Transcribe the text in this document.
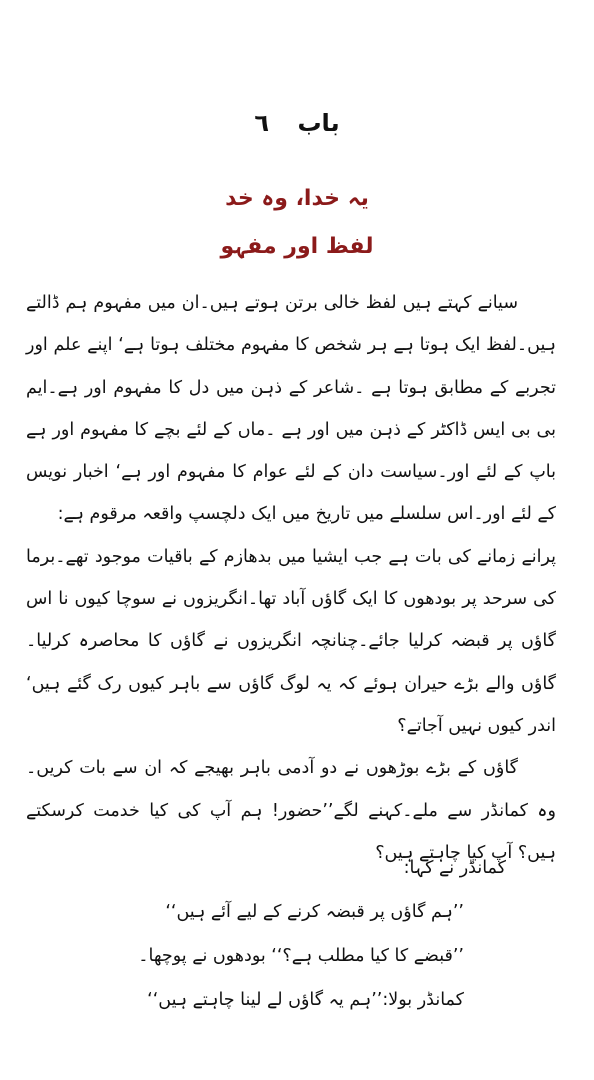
باب ٦
یہ خدا، وہ خد
لفظ اور مفہو

سیانے کہتے ہیں لفظ خالی برتن ہوتے ہیں۔ان میں مفہوم ہم ڈالتے ہیں۔لفظ ایک ہوتا ہے ہر شخص کا مفہوم مختلف ہوتا ہے‘ اپنے علم اور تجربے کے مطابق ہوتا ہے ۔شاعر کے ذہن میں دل کا مفہوم اور ہے۔ایم بی بی ایس ڈاکٹر کے ذہن میں اور ہے ۔ماں کے لئے بچے کا مفہوم اور ہے باپ کے لئے اور۔سیاست دان کے لئے عوام کا مفہوم اور ہے‘ اخبار نویس کے لئے اور۔اس سلسلے میں تاریخ میں ایک دلچسپ واقعہ مرقوم ہے:

پرانے زمانے کی بات ہے جب ایشیا میں بدھازم کے باقیات موجود تھے۔برما کی سرحد پر بودھوں کا ایک گاؤں آباد تھا۔انگریزوں نے سوچا کیوں نا اس گاؤں پر قبضہ کرلیا جائے۔چنانچہ انگریزوں نے گاؤں کا محاصرہ کرلیا۔گاؤں والے بڑے حیران ہوئے کہ یہ لوگ گاؤں سے باہر کیوں رک گئے ہیں‘ اندر کیوں نہیں آجاتے؟

گاؤں کے بڑے بوڑھوں نے دو آدمی باہر بھیجے کہ ان سے بات کریں۔وہ کمانڈر سے ملے۔کہنے لگے’’حضور! ہم آپ کی کیا خدمت کرسکتے ہیں؟ آپ کیا چاہتے ہیں؟

کمانڈر نے کہا:
’’ہم گاؤں پر قبضہ کرنے کے لیے آئے ہیں‘‘
’’قبضے کا کیا مطلب ہے؟‘‘ بودھوں نے پوچھا۔
کمانڈر بولا:’’ہم یہ گاؤں لے لینا چاہتے ہیں‘‘
